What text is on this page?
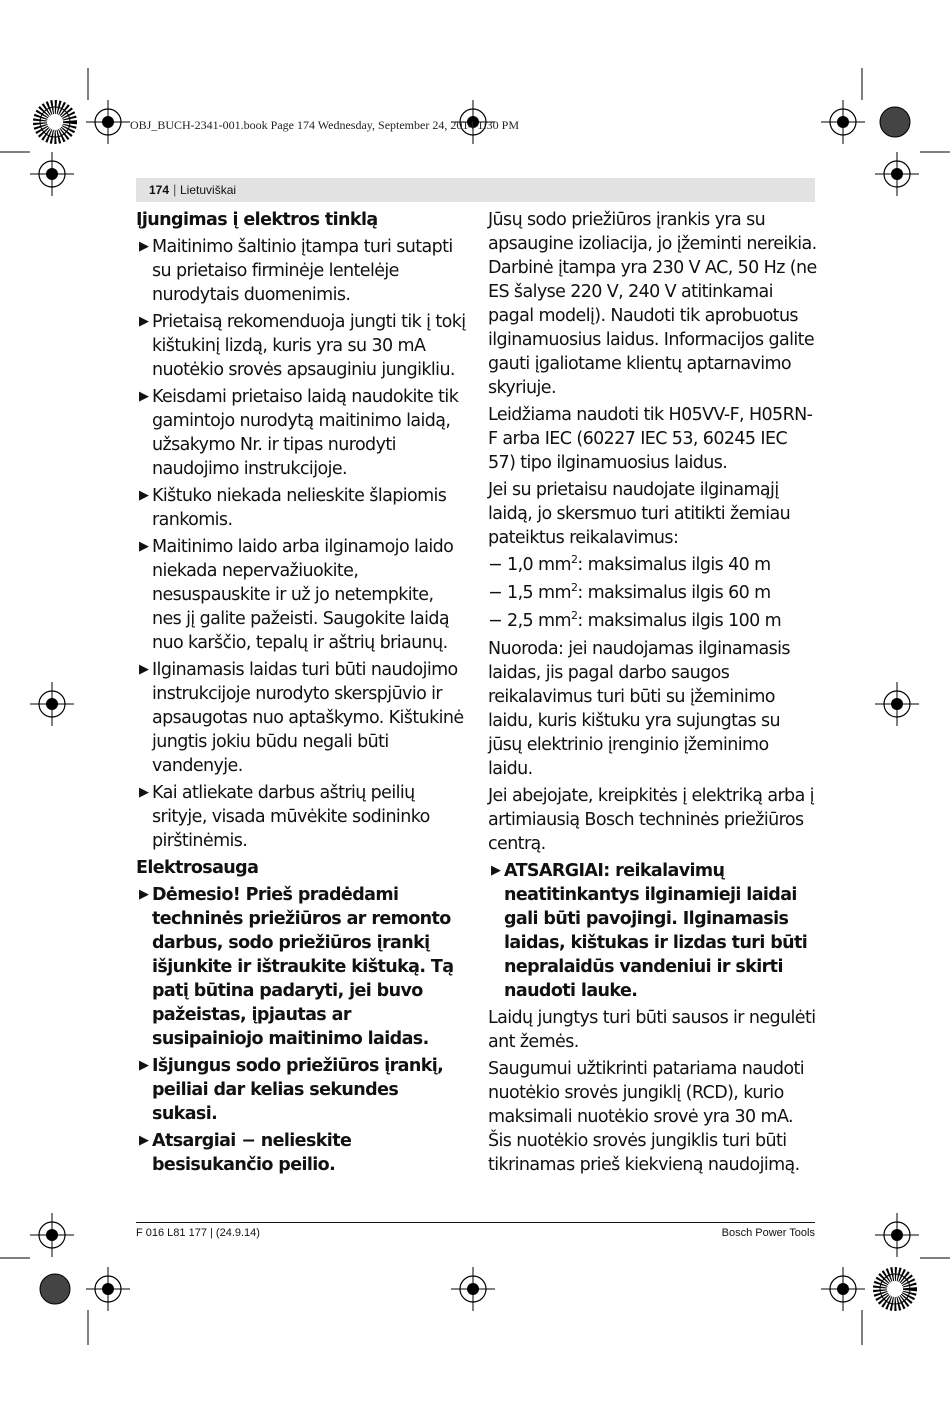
OBJ_BUCH-2341-001.book Page 174 Wednesday, September 24, 2014 1:30 PM
174 | Lietuviškai

Įjungimas į elektros tinklą

▶ Maitinimo šaltinio įtampa turi sutapti su prietaiso firminėje lentelėje nurodytais duomenimis.
▶ Prietaisą rekomenduoja jungti tik į tokį kištukinį lizdą, kuris yra su 30 mA nuotėkio srovės apsauginiu jungikliu.
▶ Keisdami prietaiso laidą naudokite tik gamintojo nurodytą maitinimo laidą, užsakymo Nr. ir tipas nurodyti naudojimo instrukcijoje.
▶ Kištuko niekada nelieskite šlapiomis rankomis.
▶ Maitinimo laido arba ilginamojo laido niekada nepervažiuokite, nesuspauskite ir už jo netempkite, nes jį galite pažeisti. Saugokite laidą nuo karščio, tepalų ir aštrių briaunų.
▶ Ilginamasis laidas turi būti naudojimo instrukcijoje nurodyto skerspjūvio ir apsaugotas nuo aptaškymo. Kištukinė jungtis jokiu būdu negali būti vandenyje.
▶ Kai atliekate darbus aštrių peilių srityje, visada mūvėkite sodininko pirštinėmis.

Elektrosauga

▶ Dėmesio! Prieš pradėdami techninės priežiūros ar remonto darbus, sodo priežiūros įrankį išjunkite ir ištraukite kištuką. Tą patį būtina padaryti, jei buvo pažeistas, įpjautas ar susipainiojo maitinimo laidas.
▶ Išjungus sodo priežiūros įrankį, peiliai dar kelias sekundes sukasi.
▶ Atsargiai − nelieskite besisukančio peilio.

Jūsų sodo priežiūros įrankis yra su apsaugine izoliacija, jo įžeminti nereikia. Darbinė įtampa yra 230 V AC, 50 Hz (ne ES šalyse 220 V, 240 V atitinkamai pagal modelį). Naudoti tik aprobuotus ilginamuosius laidus. Informacijos galite gauti įgaliotame klientų aptarnavimo skyriuje.

Leidžiama naudoti tik H05VV-F, H05RN-F arba IEC (60227 IEC 53, 60245 IEC 57) tipo ilginamuosius laidus.

Jei su prietaisu naudojate ilginamąjį laidą, jo skersmuo turi atitikti žemiau pateiktus reikalavimus:

− 1,0 $mm^2$: maksimalus ilgis 40 m
− 1,5 $mm^2$: maksimalus ilgis 60 m
− 2,5 $mm^2$: maksimalus ilgis 100 m

Nuoroda: jei naudojamas ilginamasis laidas, jis pagal darbo saugos reikalavimus turi būti su įžeminimo laidu, kuris kištuku yra sujungtas su jūsų elektrinio įrenginio įžeminimo laidu.

Jei abejojate, kreipkitės į elektriką arba į artimiausią Bosch techninės priežiūros centrą.

▶ ATSARGIAI: reikalavimų neatitinkantys ilginamieji laidai gali būti pavojingi. Ilginamasis laidas, kištukas ir lizdas turi būti nepralaidūs vandeniui ir skirti naudoti lauke.

Laidų jungtys turi būti sausos ir negulėti ant žemės.

Saugumui užtikrinti patariama naudoti nuotėkio srovės jungiklį (RCD), kurio maksimali nuotėkio srovė yra 30 mA. Šis nuotėkio srovės jungiklis turi būti tikrinamas prieš kiekvieną naudojimą.

F 016 L81 177 | (24.9.14)	Bosch Power Tools
